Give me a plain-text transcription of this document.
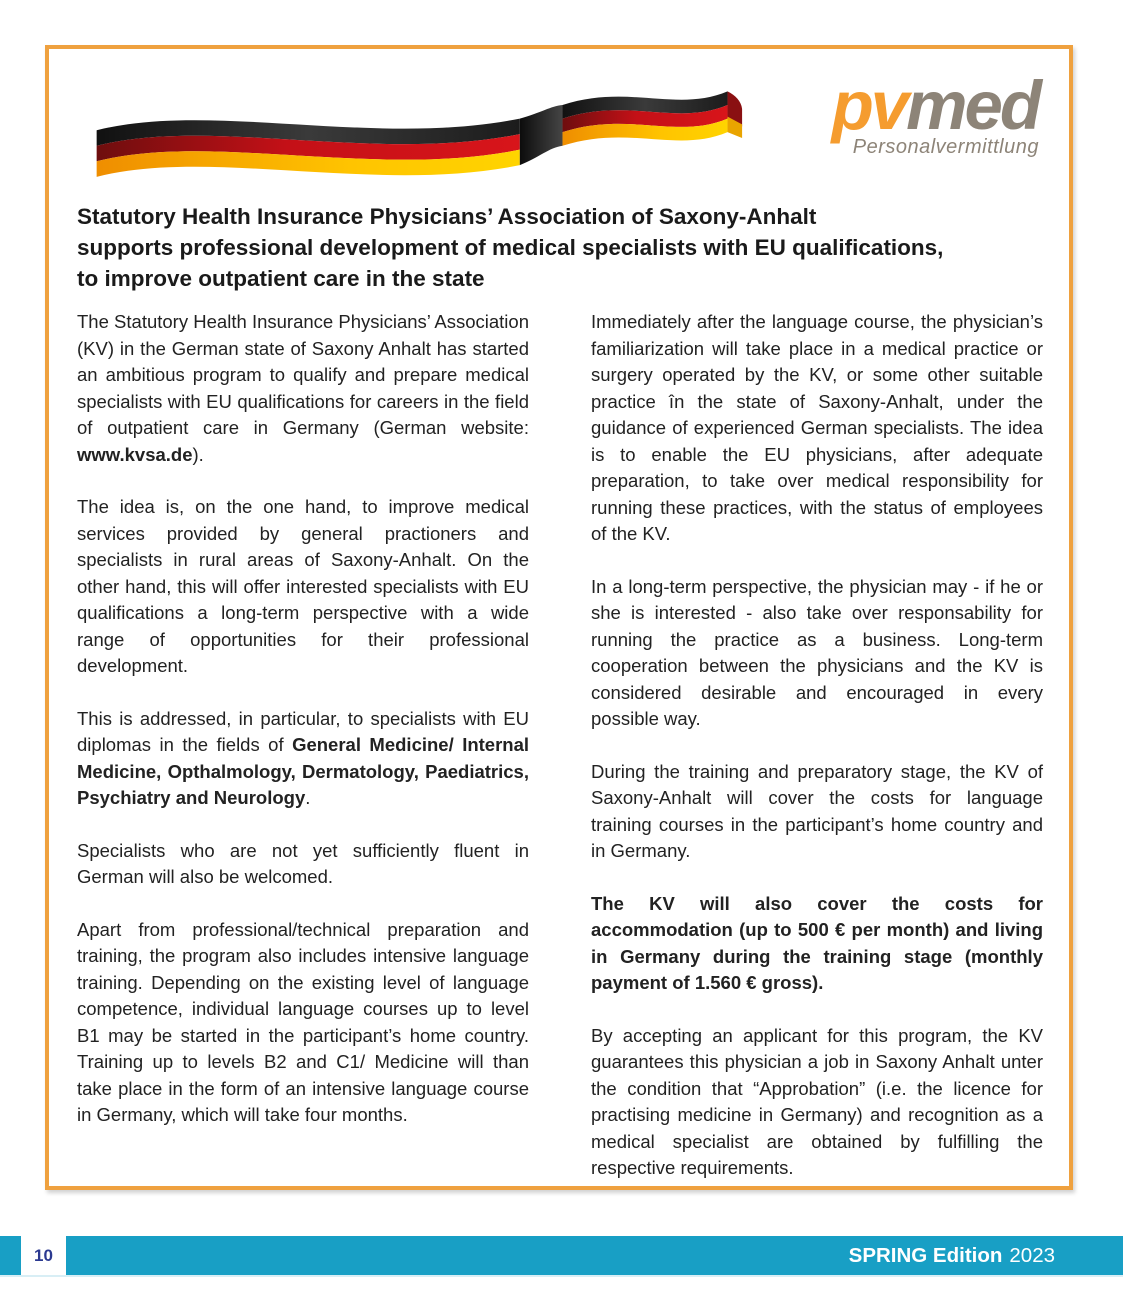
pvmed
Personalvermittlung
Statutory Health Insurance Physicians’ Association of Saxony-Anhalt
supports professional development of medical specialists with EU qualifications,
to improve outpatient care in the state

The Statutory Health Insurance Physicians’ Association (KV) in the German state of Saxony Anhalt has started an ambitious program to qualify and prepare medical specialists with EU qualifications for careers in the field of outpatient care in Germany (German website: www.kvsa.de).

The idea is, on the one hand, to improve medical services provided by general practioners and specialists in rural areas of Saxony-Anhalt. On the other hand, this will offer interested specialists with EU qualifications a long-term perspective with a wide range of opportunities for their professional development.

This is addressed, in particular, to specialists with EU diplomas in the fields of General Medicine/ Internal Medicine, Opthalmology, Dermatology, Paediatrics, Psychiatry and Neurology.

Specialists who are not yet sufficiently fluent in German will also be welcomed.

Apart from professional/technical preparation and training, the program also includes intensive language training. Depending on the existing level of language competence, individual language courses up to level B1 may be started in the participant’s home country. Training up to levels B2 and C1/ Medicine will than take place in the form of an intensive language course in Germany, which will take four months.

Immediately after the language course, the physician’s familiarization will take place in a medical practice or surgery operated by the KV, or some other suitable practice în the state of Saxony-Anhalt, under the guidance of experienced German specialists. The idea is to enable the EU physicians, after adequate preparation, to take over medical responsibility for running these practices, with the status of employees of the KV.

In a long-term perspective, the physician may - if he or she is interested - also take over responsability for running the practice as a business. Long-term cooperation between the physicians and the KV is considered desirable and encouraged in every possible way.

During the training and preparatory stage, the KV of Saxony-Anhalt will cover the costs for language training courses in the participant’s home country and in Germany.

The KV will also cover the costs for accommodation (up to 500 € per month) and living in Germany during the training stage (monthly payment of 1.560 € gross).

By accepting an applicant for this program, the KV guarantees this physician a job in Saxony Anhalt unter the condition that “Approbation” (i.e. the licence for practising medicine in Germany) and recognition as a medical specialist are obtained by fulfilling the respective requirements.

10	SPRING Edition 2023
